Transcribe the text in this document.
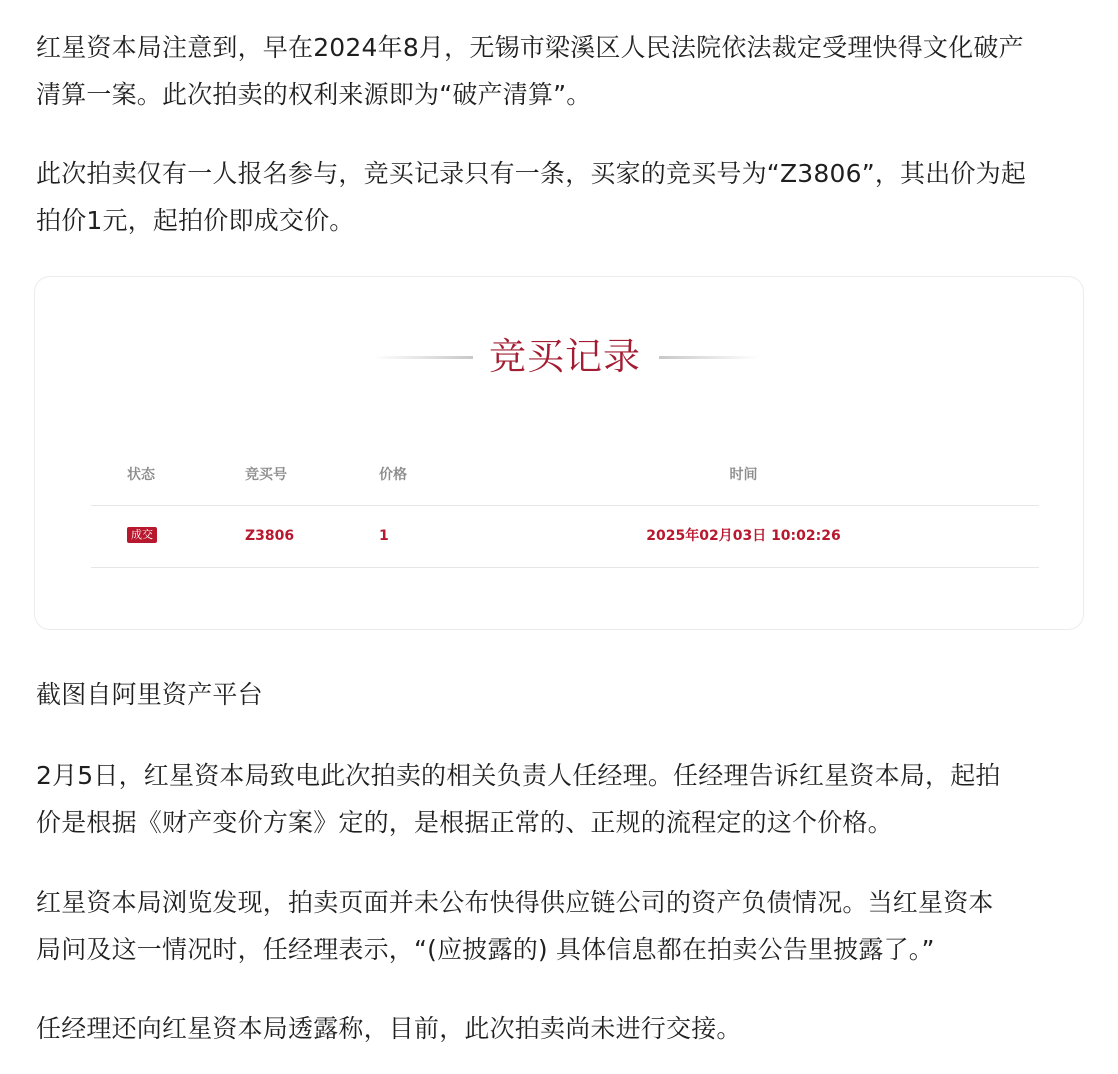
红星资本局注意到，早在2024年8月，无锡市梁溪区人民法院依法裁定受理快得文化破产
清算一案。此次拍卖的权利来源即为“破产清算”。

此次拍卖仅有一人报名参与，竞买记录只有一条，买家的竞买号为“Z3806”，其出价为起
拍价1元，起拍价即成交价。

截图自阿里资产平台

2月5日，红星资本局致电此次拍卖的相关负责人任经理。任经理告诉红星资本局，起拍
价是根据《财产变价方案》定的，是根据正常的、正规的流程定的这个价格。

红星资本局浏览发现，拍卖页面并未公布快得供应链公司的资产负债情况。当红星资本
局问及这一情况时，任经理表示，“(应披露的) 具体信息都在拍卖公告里披露了。”

任经理还向红星资本局透露称，目前，此次拍卖尚未进行交接。

竞买记录
状态	竞买号	价格	时间
成交	Z3806	1	2025年02月03日 10:02:26
